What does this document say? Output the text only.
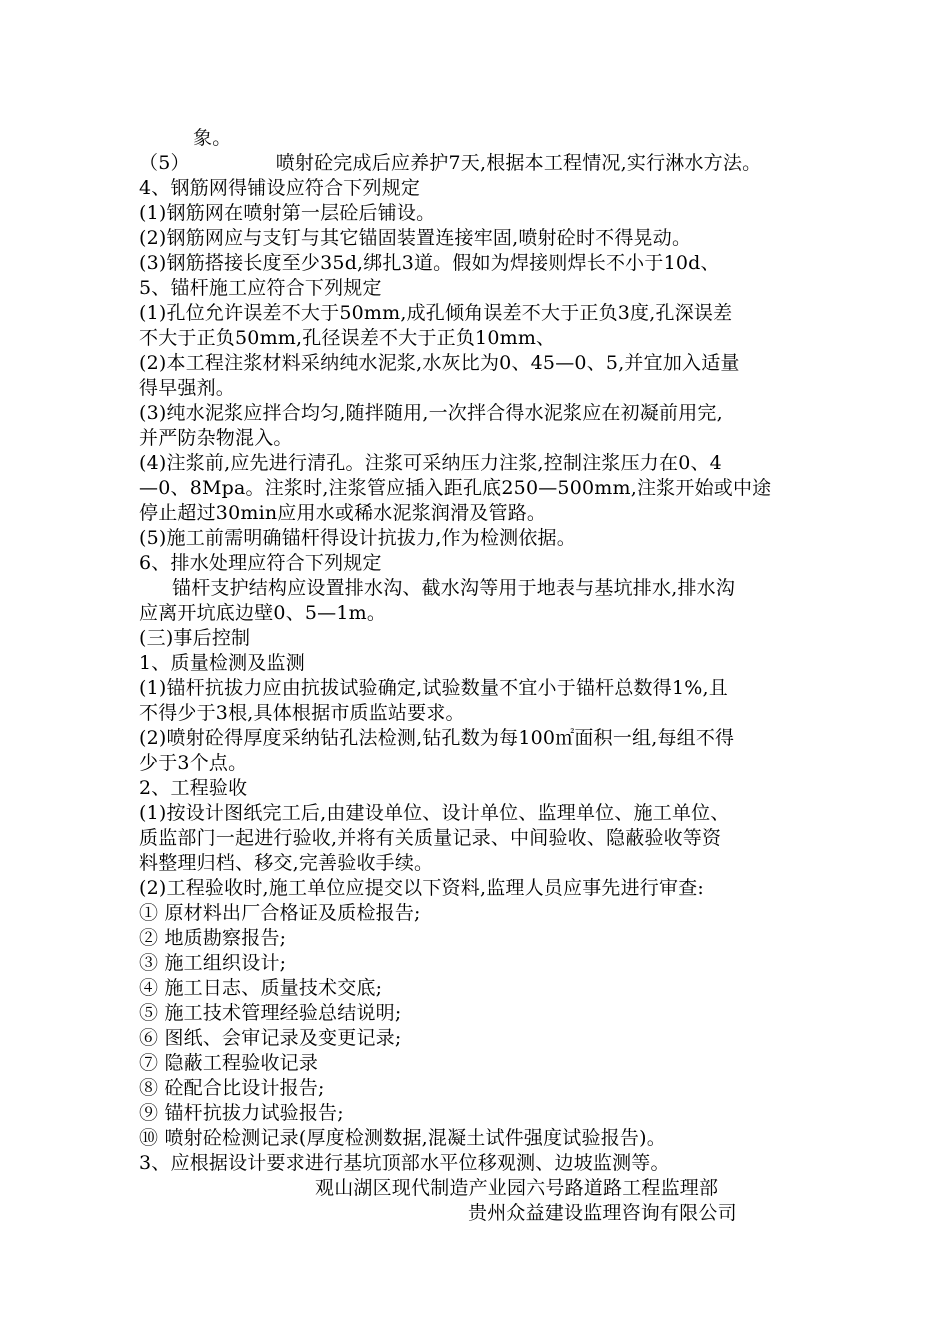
象。
（5）	喷射砼完成后应养护7天,根据本工程情况,实行淋水方法。
4、钢筋网得铺设应符合下列规定
(1)钢筋网在喷射第一层砼后铺设。
(2)钢筋网应与支钉与其它锚固装置连接牢固,喷射砼时不得晃动。
(3)钢筋搭接长度至少35d,绑扎3道。假如为焊接则焊长不小于10d、
5、锚杆施工应符合下列规定
(1)孔位允许误差不大于50mm,成孔倾角误差不大于正负3度,孔深误差
不大于正负50mm,孔径误差不大于正负10mm、
(2)本工程注浆材料采纳纯水泥浆,水灰比为0、45—0、5,并宜加入适量
得早强剂。
(3)纯水泥浆应拌合均匀,随拌随用,一次拌合得水泥浆应在初凝前用完,
并严防杂物混入。
(4)注浆前,应先进行清孔。注浆可采纳压力注浆,控制注浆压力在0、4
—0、8Mpa。注浆时,注浆管应插入距孔底250—500mm,注浆开始或中途
停止超过30min应用水或稀水泥浆润滑及管路。
(5)施工前需明确锚杆得设计抗拔力,作为检测依据。
6、排水处理应符合下列规定
锚杆支护结构应设置排水沟、截水沟等用于地表与基坑排水,排水沟
应离开坑底边壁0、5—1m。
(三)事后控制
1、质量检测及监测
(1)锚杆抗拔力应由抗拔试验确定,试验数量不宜小于锚杆总数得1%,且
不得少于3根,具体根据市质监站要求。
(2)喷射砼得厚度采纳钻孔法检测,钻孔数为每100㎡面积一组,每组不得
少于3个点。
2、工程验收
(1)按设计图纸完工后,由建设单位、设计单位、监理单位、施工单位、
质监部门一起进行验收,并将有关质量记录、中间验收、隐蔽验收等资
料整理归档、移交,完善验收手续。
(2)工程验收时,施工单位应提交以下资料,监理人员应事先进行审查:
① 原材料出厂合格证及质检报告;
② 地质勘察报告;
③ 施工组织设计;
④ 施工日志、质量技术交底;
⑤ 施工技术管理经验总结说明;
⑥ 图纸、会审记录及变更记录;
⑦ 隐蔽工程验收记录
⑧ 砼配合比设计报告;
⑨ 锚杆抗拔力试验报告;
⑩ 喷射砼检测记录(厚度检测数据,混凝土试件强度试验报告)。
3、应根据设计要求进行基坑顶部水平位移观测、边坡监测等。
观山湖区现代制造产业园六号路道路工程监理部
贵州众益建设监理咨询有限公司
